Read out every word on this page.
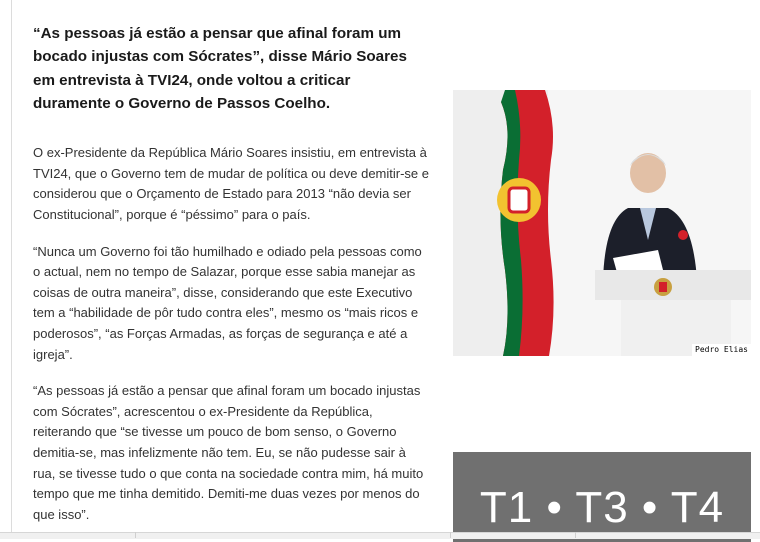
“As pessoas já estão a pensar que afinal foram um bocado injustas com Sócrates”, disse Mário Soares em entrevista à TVI24, onde voltou a criticar duramente o Governo de Passos Coelho.

O ex-Presidente da República Mário Soares insistiu, em entrevista à TVI24, que o Governo tem de mudar de política ou deve demitir-se e considerou que o Orçamento de Estado para 2013 “não devia ser Constitucional”, porque é “péssimo” para o país.

“Nunca um Governo foi tão humilhado e odiado pela pessoas como o actual, nem no tempo de Salazar, porque esse sabia manejar as coisas de outra maneira”, disse, considerando que este Executivo tem a “habilidade de pôr tudo contra eles”, mesmo os “mais ricos e poderosos”, “as Forças Armadas, as forças de segurança e até a igreja”.

“As pessoas já estão a pensar que afinal foram um bocado injustas com Sócrates”, acrescentou o ex-Presidente da República, reiterando que “se tivesse um pouco de bom senso, o Governo demitia-se, mas infelizmente não tem. Eu, se não pudesse sair à rua, se tivesse tudo o que conta na sociedade contra mim, há muito tempo que me tinha demitido. Demiti-me duas vezes por menos do que isso”.

Pedro Elias
T1 • T3 • T4
